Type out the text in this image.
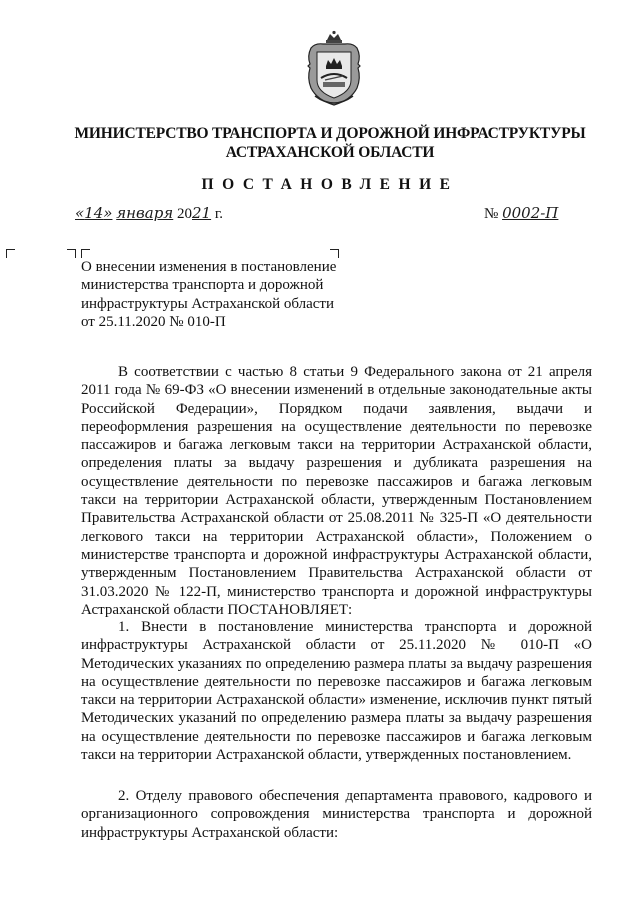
МИНИСТЕРСТВО ТРАНСПОРТА И ДОРОЖНОЙ ИНФРАСТРУКТУРЫ
АСТРАХАНСКОЙ ОБЛАСТИ
ПОСТАНОВЛЕНИЕ
«14» января 2021 г.	№ 0002-П
О внесении изменения в постановление
министерства транспорта и дорожной
инфраструктуры Астраханской области
от 25.11.2020 № 010-П

В соответствии с частью 8 статьи 9 Федерального закона от 21 апреля 2011 года № 69-ФЗ «О внесении изменений в отдельные законодательные акты Российской Федерации», Порядком подачи заявления, выдачи и переоформления разрешения на осуществление деятельности по перевозке пассажиров и багажа легковым такси на территории Астраханской области, определения платы за выдачу разрешения и дубликата разрешения на осуществление деятельности по перевозке пассажиров и багажа легковым такси на территории Астраханской области, утвержденным Постановлением Правительства Астраханской области от 25.08.2011 № 325-П «О деятельности легкового такси на территории Астраханской области», Положением о министерстве транспорта и дорожной инфраструктуры Астраханской области, утвержденным Постановлением Правительства Астраханской области от 31.03.2020 № 122-П, министерство транспорта и дорожной инфраструктуры Астраханской области ПОСТАНОВЛЯЕТ:

1. Внести в постановление министерства транспорта и дорожной инфраструктуры Астраханской области от 25.11.2020 № 010-П «О Методических указаниях по определению размера платы за выдачу разрешения на осуществление деятельности по перевозке пассажиров и багажа легковым такси на территории Астраханской области» изменение, исключив пункт пятый Методических указаний по определению размера платы за выдачу разрешения на осуществление деятельности по перевозке пассажиров и багажа легковым такси на территории Астраханской области, утвержденных постановлением.

2. Отделу правового обеспечения департамента правового, кадрового и организационного сопровождения министерства транспорта и дорожной инфраструктуры Астраханской области:
